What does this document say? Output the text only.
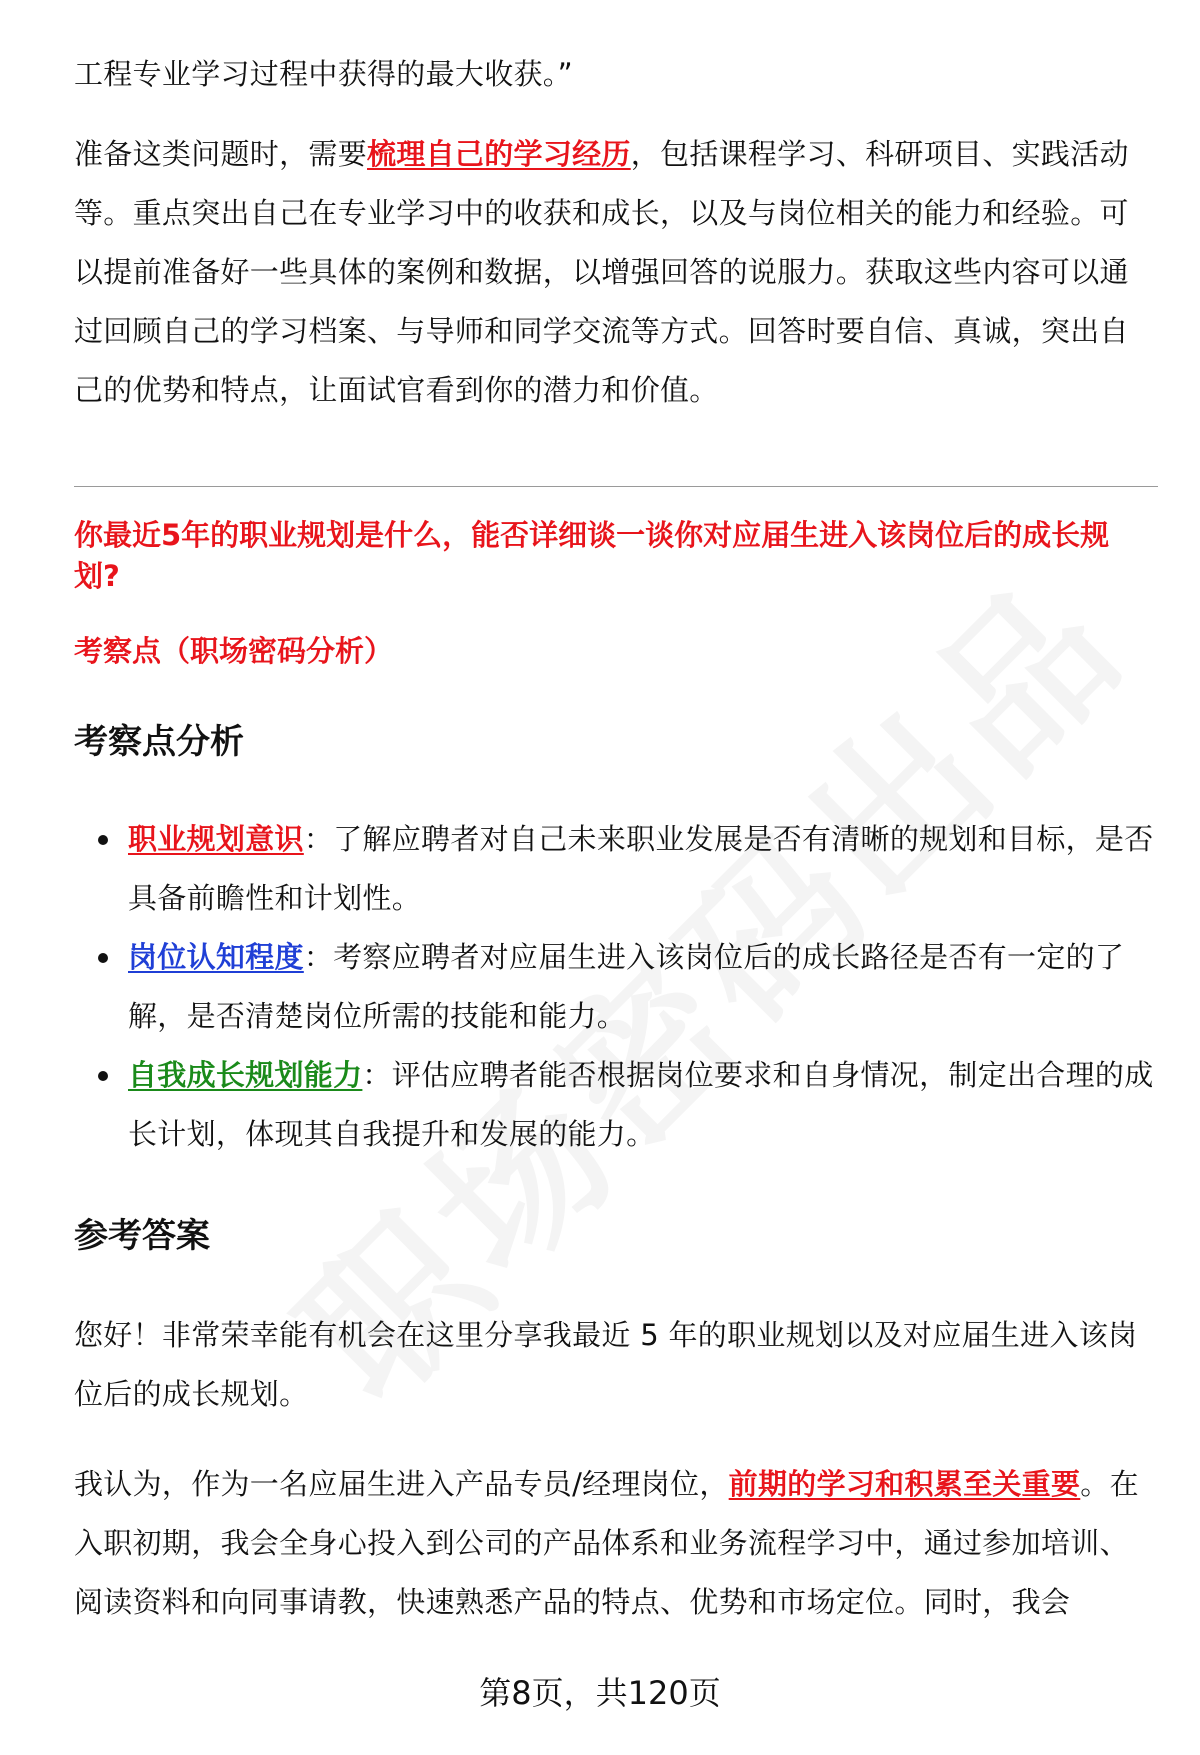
工程专业学习过程中获得的最大收获。”

准备这类问题时，需要梳理自己的学习经历，包括课程学习、科研项目、实践活动等。重点突出自己在专业学习中的收获和成长，以及与岗位相关的能力和经验。可以提前准备好一些具体的案例和数据，以增强回答的说服力。获取这些内容可以通过回顾自己的学习档案、与导师和同学交流等方式。回答时要自信、真诚，突出自己的优势和特点，让面试官看到你的潜力和价值。

你最近5年的职业规划是什么，能否详细谈一谈你对应届生进入该岗位后的成长规划?

考察点（职场密码分析）

考察点分析
职业规划意识：了解应聘者对自己未来职业发展是否有清晰的规划和目标，是否具备前瞻性和计划性。
岗位认知程度：考察应聘者对应届生进入该岗位后的成长路径是否有一定的了解，是否清楚岗位所需的技能和能力。
自我成长规划能力：评估应聘者能否根据岗位要求和自身情况，制定出合理的成长计划，体现其自我提升和发展的能力。
参考答案

您好！非常荣幸能有机会在这里分享我最近 5 年的职业规划以及对应届生进入该岗位后的成长规划。

我认为，作为一名应届生进入产品专员/经理岗位，前期的学习和积累至关重要。在入职初期，我会全身心投入到公司的产品体系和业务流程学习中，通过参加培训、阅读资料和向同事请教，快速熟悉产品的特点、优势和市场定位。同时，我会

第8页，共120页
